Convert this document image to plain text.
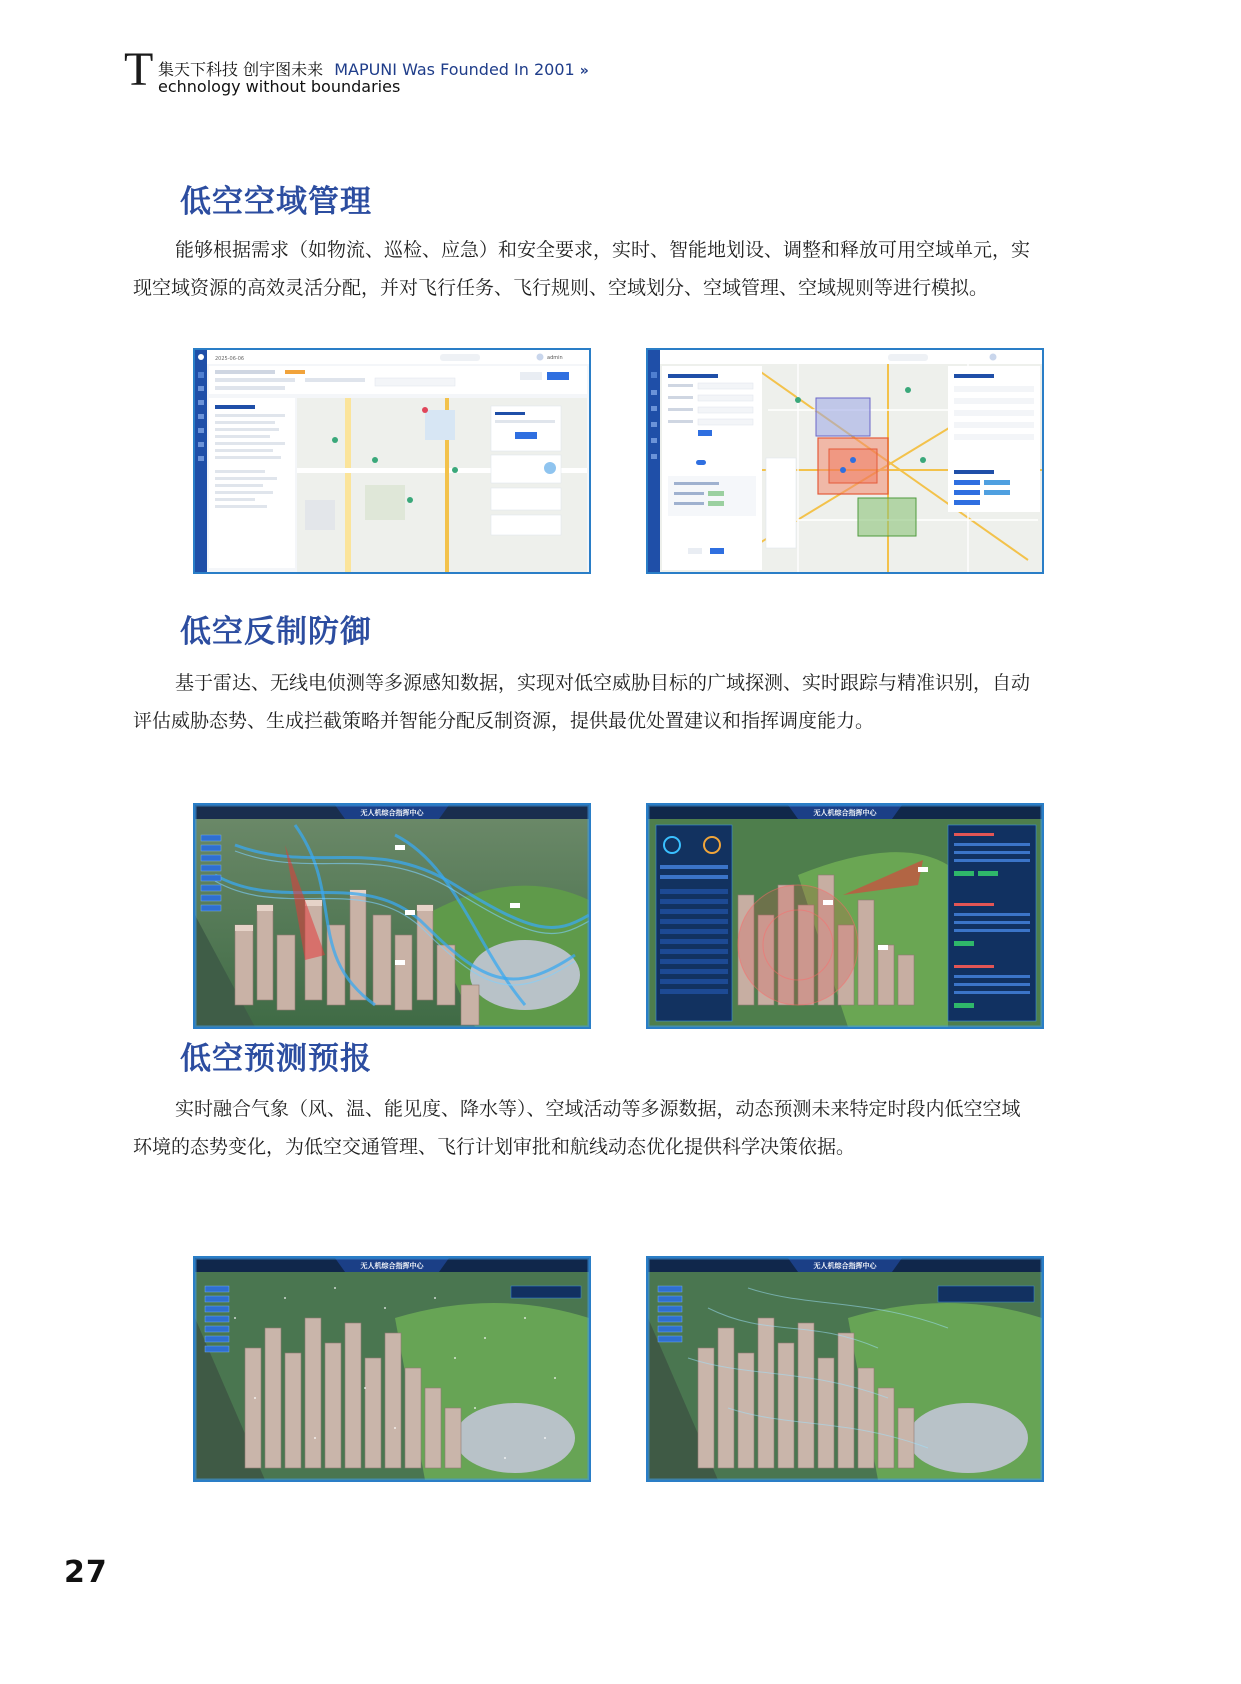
T 集天下科技 创宇图未来 MAPUNI Was Founded In 2001 »
echnology without boundaries
低空空域管理
能够根据需求（如物流、巡检、应急）和安全要求，实时、智能地划设、调整和释放可用空域单元，实
现空域资源的高效灵活分配，并对飞行任务、飞行规则、空域划分、空域管理、空域规则等进行模拟。
2025-06-06	admin
低空反制防御
基于雷达、无线电侦测等多源感知数据，实现对低空威胁目标的广域探测、实时跟踪与精准识别，自动
评估威胁态势、生成拦截策略并智能分配反制资源，提供最优处置建议和指挥调度能力。
无人机综合指挥中心	无人机综合指挥中心
低空预测预报
实时融合气象（风、温、能见度、降水等）、空域活动等多源数据，动态预测未来特定时段内低空空域
环境的态势变化，为低空交通管理、飞行计划审批和航线动态优化提供科学决策依据。
无人机综合指挥中心	无人机综合指挥中心
27
